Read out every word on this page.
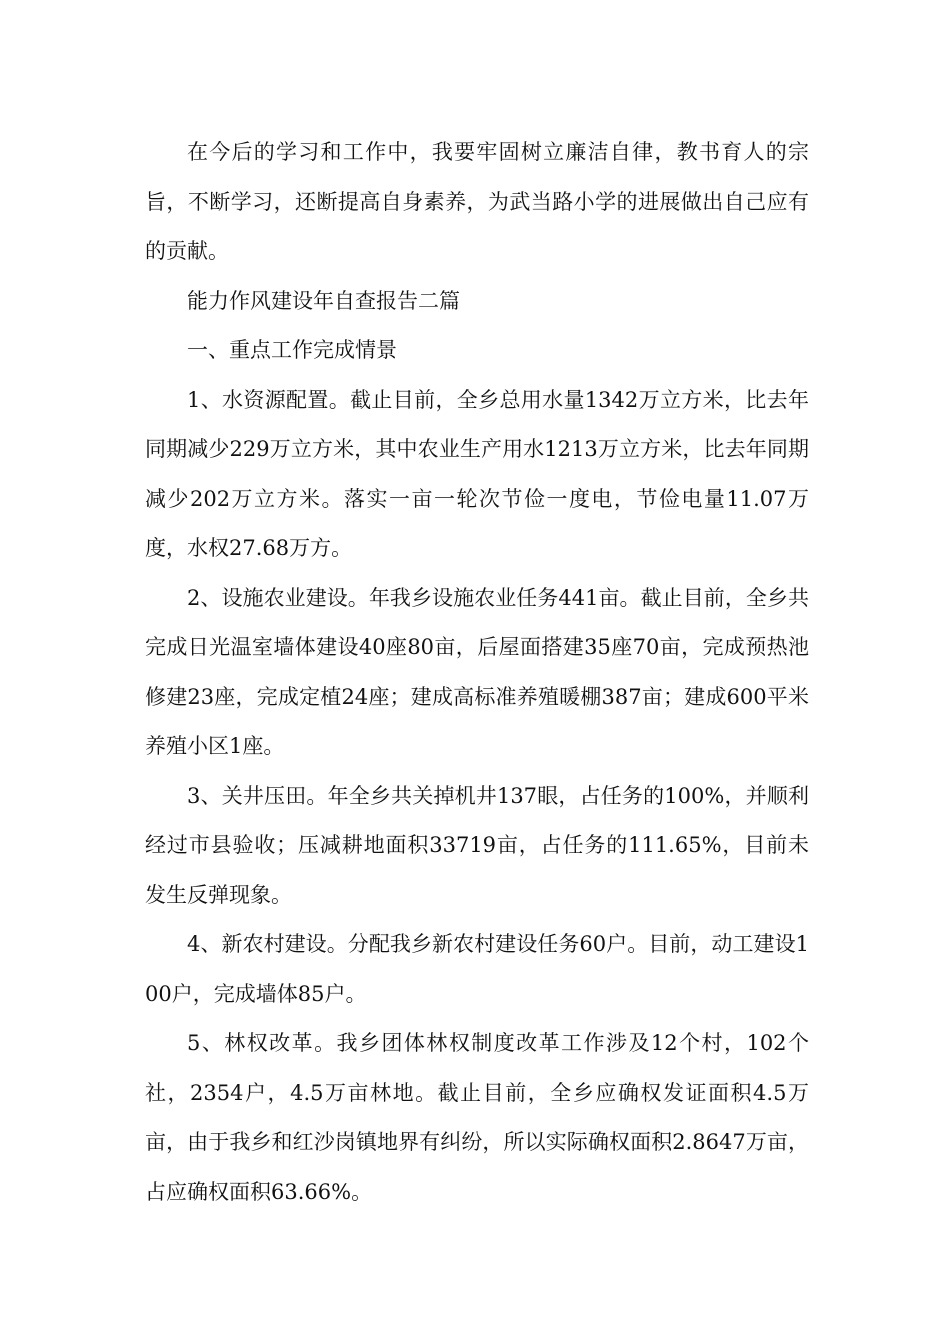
在今后的学习和工作中，我要牢固树立廉洁自律，教书育人的宗旨，不断学习，还断提高自身素养，为武当路小学的进展做出自己应有的贡献。

能力作风建设年自查报告二篇

一、重点工作完成情景

1、水资源配置。截止目前，全乡总用水量1342万立方米，比去年同期减少229万立方米，其中农业生产用水1213万立方米，比去年同期减少202万立方米。落实一亩一轮次节俭一度电，节俭电量11.07万度，水权27.68万方。

2、设施农业建设。年我乡设施农业任务441亩。截止目前，全乡共完成日光温室墙体建设40座80亩，后屋面搭建35座70亩，完成预热池修建23座，完成定植24座；建成高标准养殖暖棚387亩；建成600平米养殖小区1座。

3、关井压田。年全乡共关掉机井137眼，占任务的100%，并顺利经过市县验收；压减耕地面积33719亩，占任务的111.65%，目前未发生反弹现象。

4、新农村建设。分配我乡新农村建设任务60户。目前，动工建设100户，完成墙体85户。

5、林权改革。我乡团体林权制度改革工作涉及12个村，102个社，2354户，4.5万亩林地。截止目前，全乡应确权发证面积4.5万亩，由于我乡和红沙岗镇地界有纠纷，所以实际确权面积2.8647万亩，占应确权面积63.66%。
